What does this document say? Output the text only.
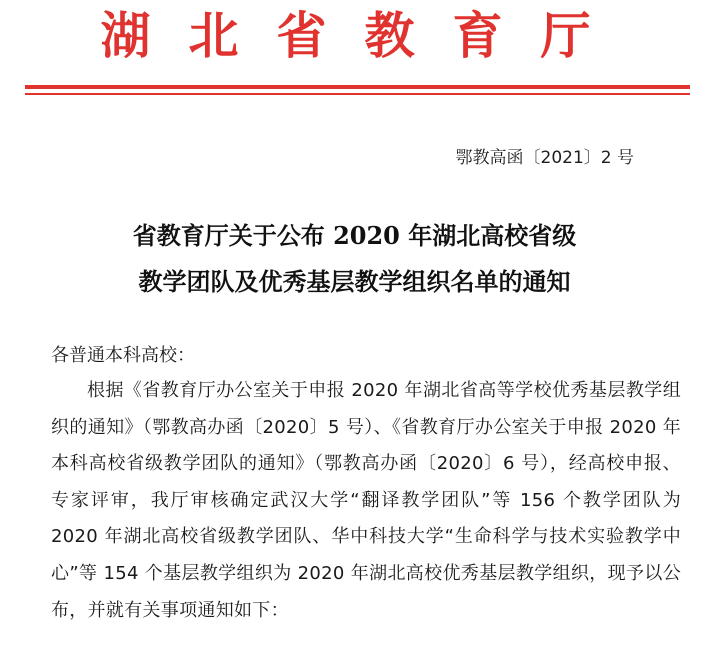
湖北省教育厅
鄂教高函〔2021〕2 号
省教育厅关于公布 2020 年湖北高校省级
教学团队及优秀基层教学组织名单的通知
各普通本科高校：
根据《省教育厅办公室关于申报 2020 年湖北省高等学校优秀基层教学组织的通知》（鄂教高办函〔2020〕5 号）、《省教育厅办公室关于申报 2020 年本科高校省级教学团队的通知》（鄂教高办函〔2020〕6 号），经高校申报、专家评审，我厅审核确定武汉大学“翻译教学团队”等 156 个教学团队为 2020 年湖北高校省级教学团队、华中科技大学“生命科学与技术实验教学中心”等 154 个基层教学组织为 2020 年湖北高校优秀基层教学组织，现予以公布，并就有关事项通知如下：
